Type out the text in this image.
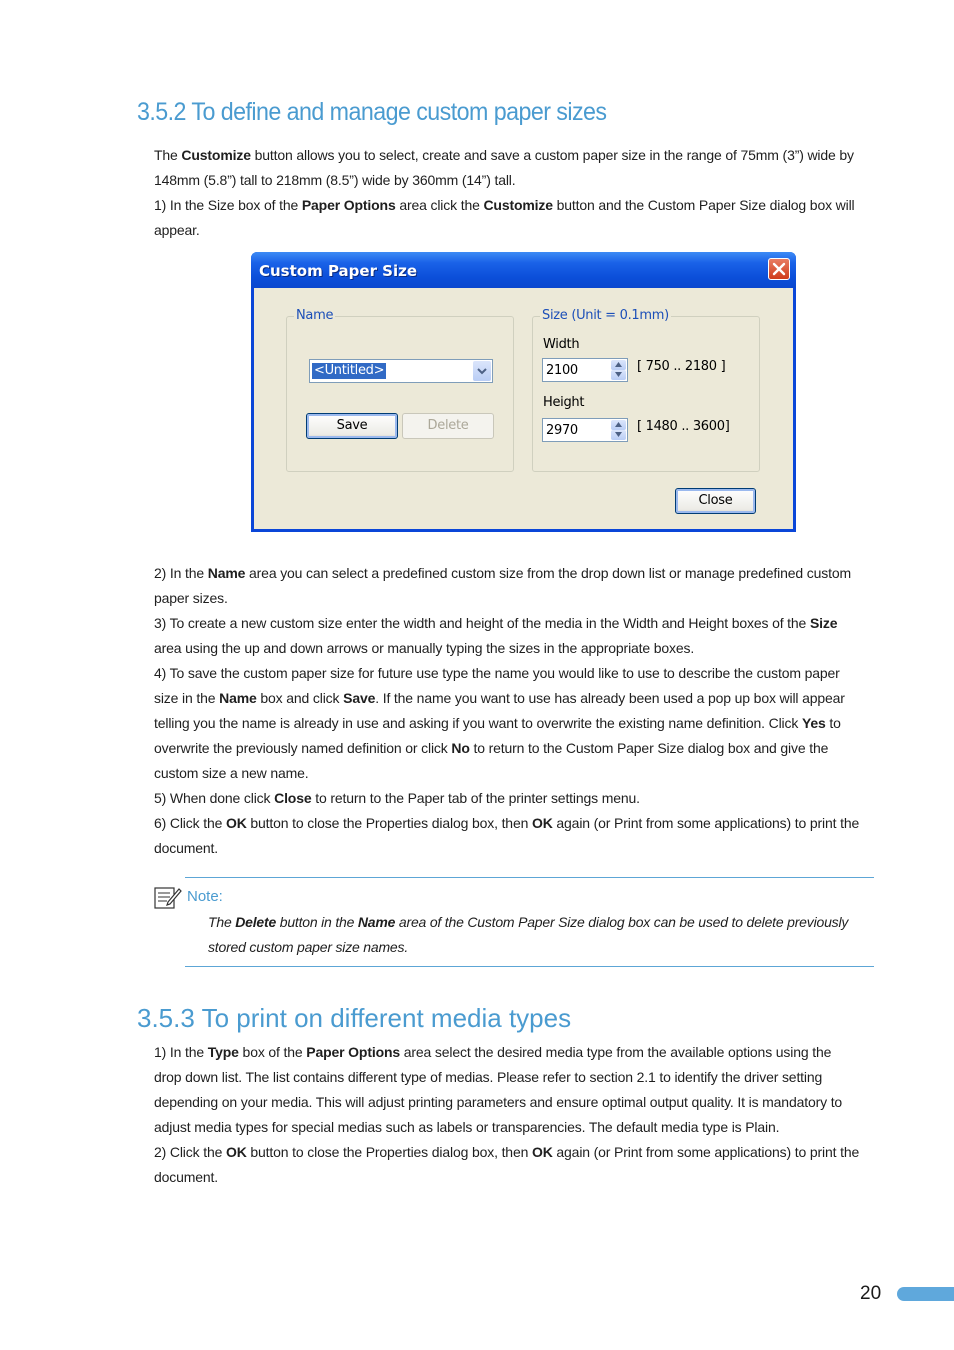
3.5.2 To define and manage custom paper sizes

The Customize button allows you to select, create and save a custom paper size in the range of 75mm (3”) wide by 148mm (5.8”) tall to 218mm (8.5”) wide by 360mm (14”) tall.
1) In the Size box of the Paper Options area click the Customize button and the Custom Paper Size dialog box will appear.

Custom Paper Size
Name
<Untitled>
Save	Delete
Size (Unit = 0.1mm)
Width
2100	[ 750 .. 2180 ]
Height
2970	[ 1480 .. 3600]
Close

2) In the Name area you can select a predefined custom size from the drop down list or manage predefined custom paper sizes.
3) To create a new custom size enter the width and height of the media in the Width and Height boxes of the Size area using the up and down arrows or manually typing the sizes in the appropriate boxes.
4) To save the custom paper size for future use type the name you would like to use to describe the custom paper size in the Name box and click Save. If the name you want to use has already been used a pop up box will appear telling you the name is already in use and asking if you want to overwrite the existing name definition. Click Yes to overwrite the previously named definition or click No to return to the Custom Paper Size dialog box and give the custom size a new name.
5) When done click Close to return to the Paper tab of the printer settings menu.
6) Click the OK button to close the Properties dialog box, then OK again (or Print from some applications) to print the document.

Note:

The Delete button in the Name area of the Custom Paper Size dialog box can be used to delete previously stored custom paper size names.

3.5.3 To print on different media types

1) In the Type box of the Paper Options area select the desired media type from the available options using the drop down list. The list contains different type of medias. Please refer to section 2.1 to identify the driver setting depending on your media. This will adjust printing parameters and ensure optimal output quality. It is mandatory to adjust media types for special medias such as labels or transparencies. The default media type is Plain.
2) Click the OK button to close the Properties dialog box, then OK again (or Print from some applications) to print the document.

20
